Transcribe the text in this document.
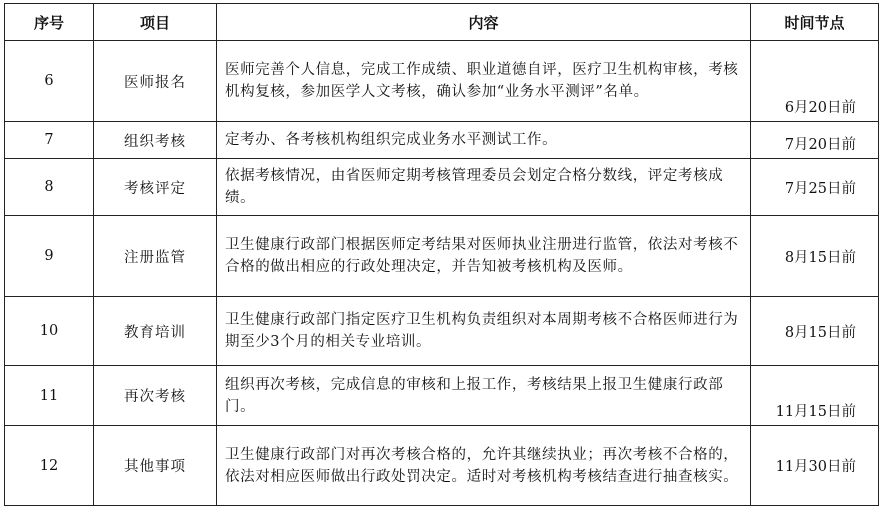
序号	项目	内容	时间节点
6	医师报名	医师完善个人信息，完成工作成绩、职业道德自评，医疗卫生机构审核，考核机构复核，参加医学人文考核，确认参加“业务水平测评”名单。	6月20日前
7	组织考核	定考办、各考核机构组织完成业务水平测试工作。	7月20日前
8	考核评定	依据考核情况，由省医师定期考核管理委员会划定合格分数线，评定考核成绩。	7月25日前
9	注册监管	卫生健康行政部门根据医师定考结果对医师执业注册进行监管，依法对考核不合格的做出相应的行政处理决定，并告知被考核机构及医师。	8月15日前
10	教育培训	卫生健康行政部门指定医疗卫生机构负责组织对本周期考核不合格医师进行为期至少3个月的相关专业培训。	8月15日前
11	再次考核	组织再次考核，完成信息的审核和上报工作，考核结果上报卫生健康行政部门。	11月15日前
12	其他事项	卫生健康行政部门对再次考核合格的，允许其继续执业；再次考核不合格的，依法对相应医师做出行政处罚决定。适时对考核机构考核结查进行抽查核实。	11月30日前
